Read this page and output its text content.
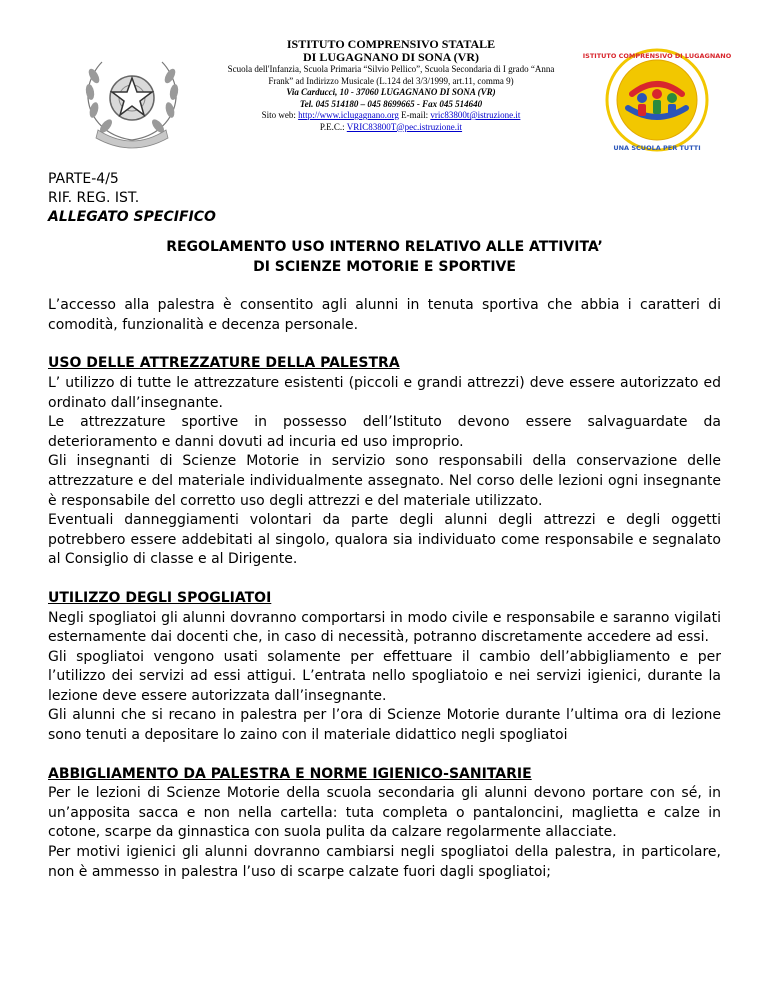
ISTITUTO COMPRENSIVO STATALE
DI LUGAGNANO DI SONA (VR)
Scuola dell'Infanzia, Scuola Primaria “Silvio Pellico”, Scuola Secondaria di I grado “Anna
Frank” ad Indirizzo Musicale (L.124 del 3/3/1999, art.11, comma 9)
Via Carducci, 10 - 37060 LUGAGNANO DI SONA (VR)
Tel. 045 514180 – 045 8699665 - Fax 045 514640
Sito web: http://www.iclugagnano.org E-mail: vric83800t@istruzione.it
P.E.C.: VRIC83800T@pec.istruzione.it
ISTITUTO COMPRENSIVO DI LUGAGNANO
UNA SCUOLA PER TUTTI
PARTE-4/5
RIF. REG. IST.
ALLEGATO SPECIFICO
REGOLAMENTO USO INTERNO RELATIVO ALLE ATTIVITA’
DI SCIENZE MOTORIE E SPORTIVE

L’accesso alla palestra è consentito agli alunni in tenuta sportiva che abbia i caratteri di comodità, funzionalità e decenza personale.

USO DELLE ATTREZZATURE DELLA PALESTRA

L’ utilizzo di tutte le attrezzature esistenti (piccoli e grandi attrezzi) deve essere autorizzato ed ordinato dall’insegnante.

Le attrezzature sportive in possesso dell’Istituto devono essere salvaguardate da deterioramento e danni dovuti ad incuria ed uso improprio.

Gli insegnanti di Scienze Motorie in servizio sono responsabili della conservazione delle attrezzature e del materiale individualmente assegnato. Nel corso delle lezioni ogni insegnante è responsabile del corretto uso degli attrezzi e del materiale utilizzato.

Eventuali danneggiamenti volontari da parte degli alunni degli attrezzi e degli oggetti potrebbero essere addebitati al singolo, qualora sia individuato come responsabile e segnalato al Consiglio di classe e al Dirigente.

UTILIZZO DEGLI SPOGLIATOI

Negli spogliatoi gli alunni dovranno comportarsi in modo civile e responsabile e saranno vigilati esternamente dai docenti che, in caso di necessità, potranno discretamente accedere ad essi.

Gli spogliatoi vengono usati solamente per effettuare il cambio dell’abbigliamento e per l’utilizzo dei servizi ad essi attigui. L’entrata nello spogliatoio e nei servizi igienici, durante la lezione deve essere autorizzata dall’insegnante.

Gli alunni che si recano in palestra per l’ora di Scienze Motorie durante l’ultima ora di lezione sono tenuti a depositare lo zaino con il materiale didattico negli spogliatoi

ABBIGLIAMENTO DA PALESTRA E NORME IGIENICO-SANITARIE

Per le lezioni di Scienze Motorie della scuola secondaria gli alunni devono portare con sé, in un’apposita sacca e non nella cartella: tuta completa o pantaloncini, maglietta e calze in cotone, scarpe da ginnastica con suola pulita da calzare regolarmente allacciate.

Per motivi igienici gli alunni dovranno cambiarsi negli spogliatoi della palestra, in particolare, non è ammesso in palestra l’uso di scarpe calzate fuori dagli spogliatoi;
